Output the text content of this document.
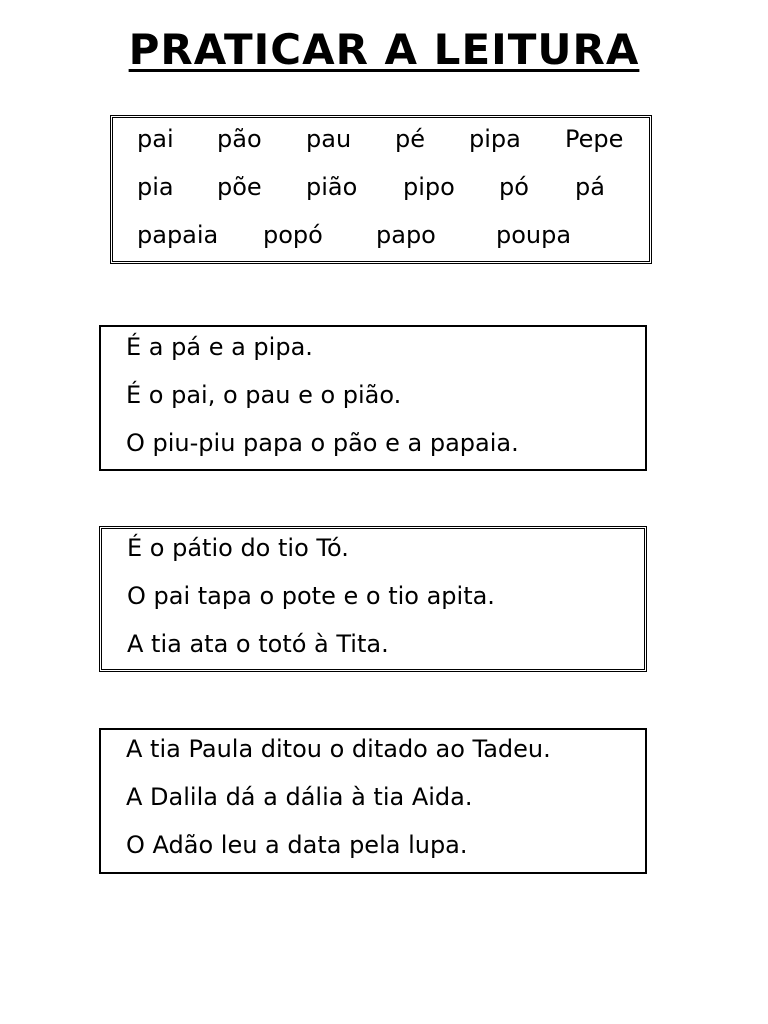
PRATICAR A LEITURA
pai pão pau pé pipa Pepe
pia põe pião pipo pó pá
papaia popó papo	poupa
É a pá e a pipa.
É o pai, o pau e o pião.
O piu-piu papa o pão e a papaia.
É o pátio do tio Tó.
O pai tapa o pote e o tio apita.
A tia ata o totó à Tita.
A tia Paula ditou o ditado ao Tadeu.
A Dalila dá a dália à tia Aida.
O Adão leu a data pela lupa.
